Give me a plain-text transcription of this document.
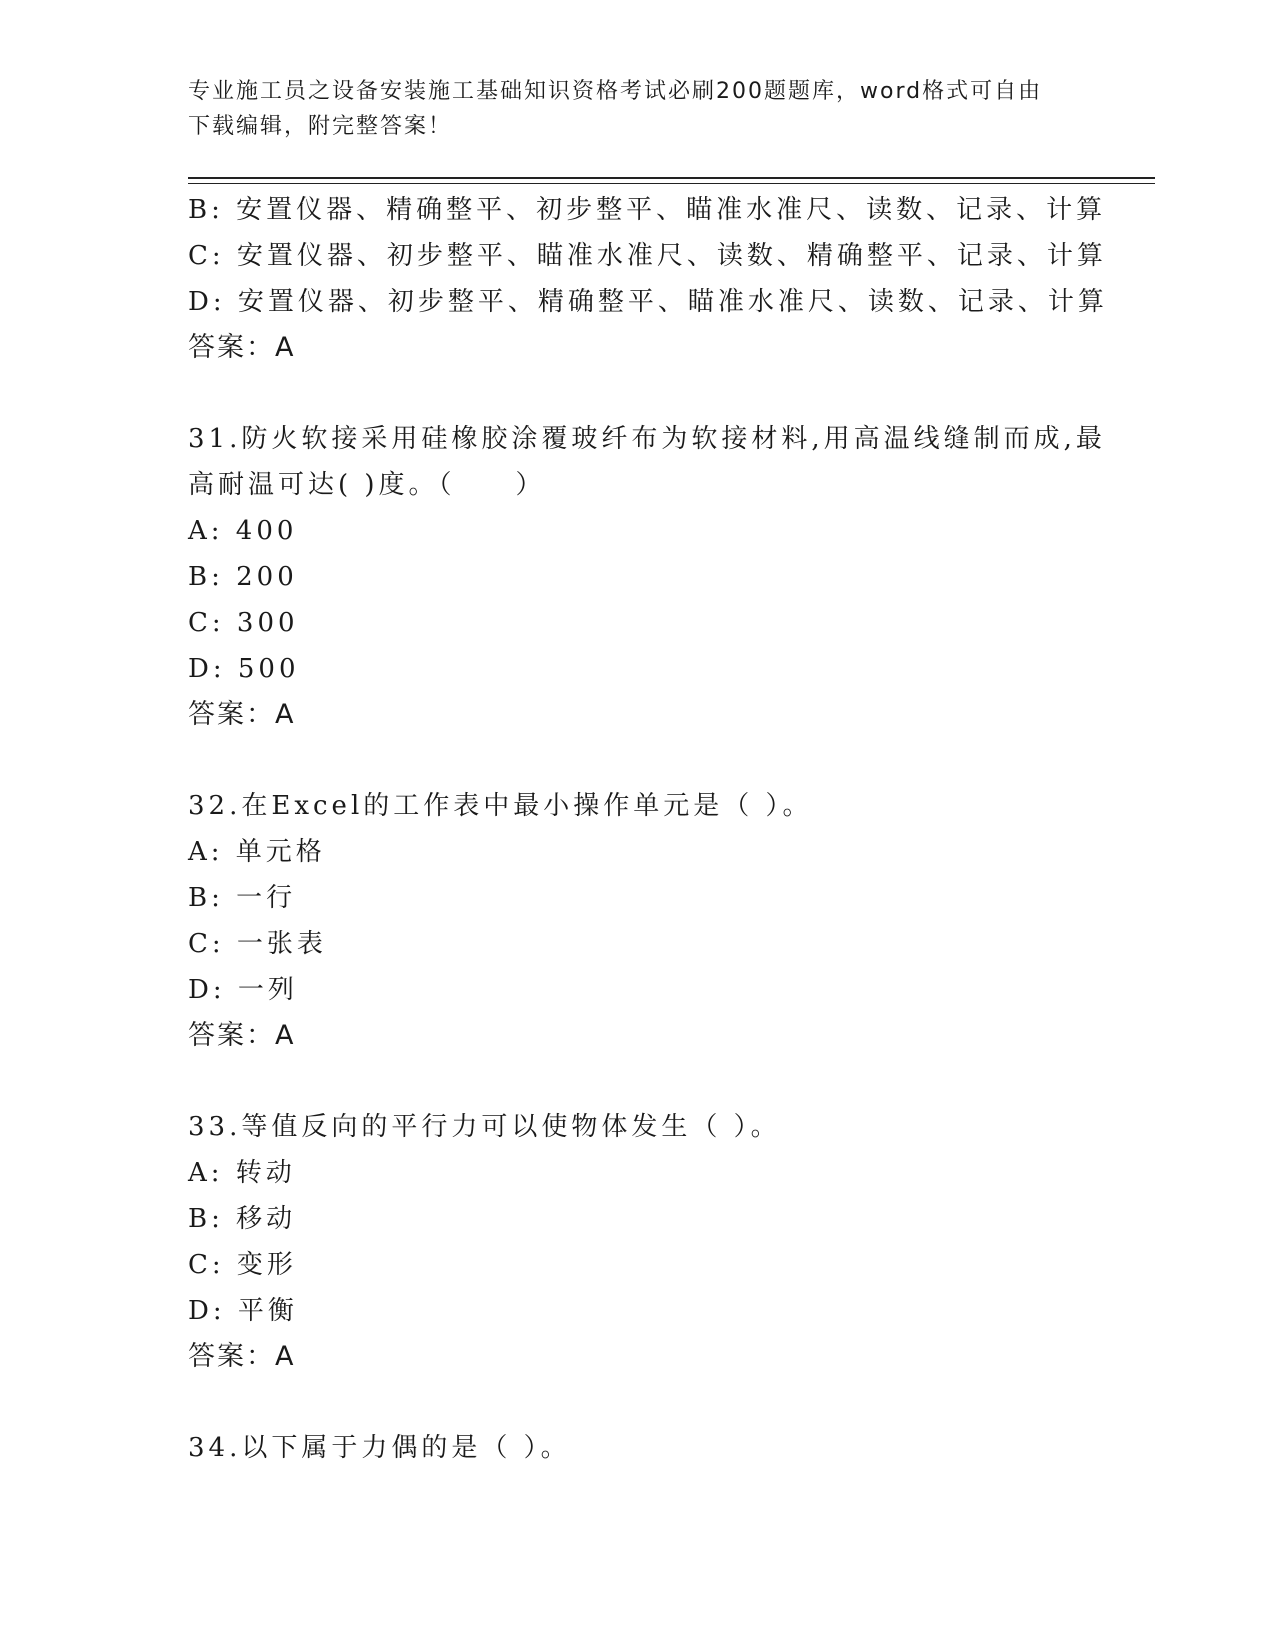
专业施工员之设备安装施工基础知识资格考试必刷200题题库，word格式可自由
下载编辑，附完整答案！
B: 安置仪器、精确整平、初步整平、瞄准水准尺、读数、记录、计算
C: 安置仪器、初步整平、瞄准水准尺、读数、精确整平、记录、计算
D: 安置仪器、初步整平、精确整平、瞄准水准尺、读数、记录、计算
答案：A
31.防火软接采用硅橡胶涂覆玻纤布为软接材料,用高温线缝制而成,最
高耐温可达( )度。（　　）
A: 400
B: 200
C: 300
D: 500
答案：A
32.在Excel的工作表中最小操作单元是（ ）。
A: 单元格
B: 一行
C: 一张表
D: 一列
答案：A
33.等值反向的平行力可以使物体发生（ ）。
A: 转动
B: 移动
C: 变形
D: 平衡
答案：A
34.以下属于力偶的是（ ）。
